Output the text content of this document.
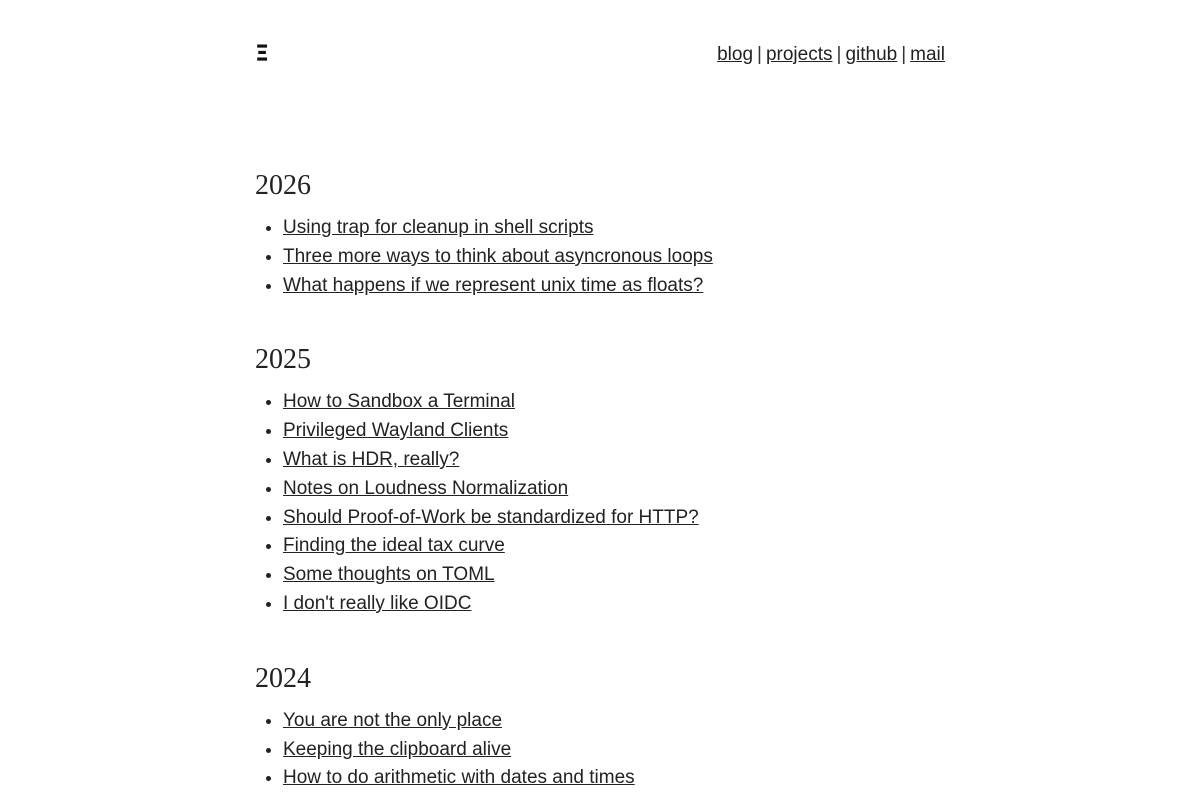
Ξ	blog | projects | github | mail
2026
• Using trap for cleanup in shell scripts
• Three more ways to think about asyncronous loops
• What happens if we represent unix time as floats?
2025
• How to Sandbox a Terminal
• Privileged Wayland Clients
• What is HDR, really?
• Notes on Loudness Normalization
• Should Proof-of-Work be standardized for HTTP?
• Finding the ideal tax curve
• Some thoughts on TOML
• I don't really like OIDC
2024
• You are not the only place
• Keeping the clipboard alive
• How to do arithmetic with dates and times
